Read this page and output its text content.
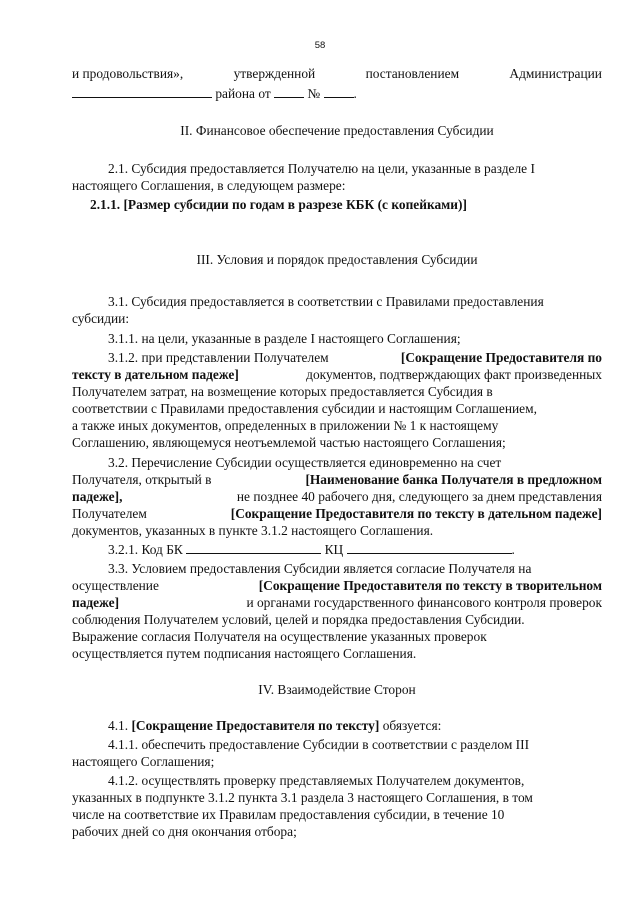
58
и продовольствия»,	утвержденной	постановлением	Администрации
района от	№ .
II. Финансовое обеспечение предоставления Субсидии
2.1. Субсидия предоставляется Получателю на цели, указанные в разделе I
настоящего Соглашения, в следующем размере:
2.1.1. [Размер субсидии по годам в разрезе КБК (с копейками)]
III. Условия и порядок предоставления Субсидии
3.1. Субсидия предоставляется в соответствии с Правилами предоставления
субсидии:
3.1.1. на цели, указанные в разделе I настоящего Соглашения;
3.1.2. при представлении Получателем	[Сокращение Предоставителя по
тексту в дательном падеже]	документов, подтверждающих факт произведенных
Получателем затрат, на возмещение которых предоставляется Субсидия в
соответствии с Правилами предоставления субсидии и настоящим Соглашением,
а также иных документов, определенных в приложении № 1 к настоящему
Соглашению, являющемуся неотъемлемой частью настоящего Соглашения;
3.2. Перечисление Субсидии осуществляется единовременно на счет
Получателя, открытый в	[Наименование банка Получателя в предложном
падеже],	не позднее 40 рабочего дня, следующего за днем представления
Получателем	[Сокращение Предоставителя по тексту в дательном падеже]
документов, указанных в пункте 3.1.2 настоящего Соглашения.
3.2.1. Код БК	КЦ	.
3.3. Условием предоставления Субсидии является согласие Получателя на
осуществление	[Сокращение Предоставителя по тексту в творительном
падеже]	и органами государственного финансового контроля проверок
соблюдения Получателем условий, целей и порядка предоставления Субсидии.
Выражение согласия Получателя на осуществление указанных проверок
осуществляется путем подписания настоящего Соглашения.
IV. Взаимодействие Сторон
4.1. [Сокращение Предоставителя по тексту] обязуется:
4.1.1. обеспечить предоставление Субсидии в соответствии с разделом III
настоящего Соглашения;
4.1.2. осуществлять проверку представляемых Получателем документов,
указанных в подпункте 3.1.2 пункта 3.1 раздела 3 настоящего Соглашения, в том
числе на соответствие их Правилам предоставления субсидии, в течение 10
рабочих дней со дня окончания отбора;
